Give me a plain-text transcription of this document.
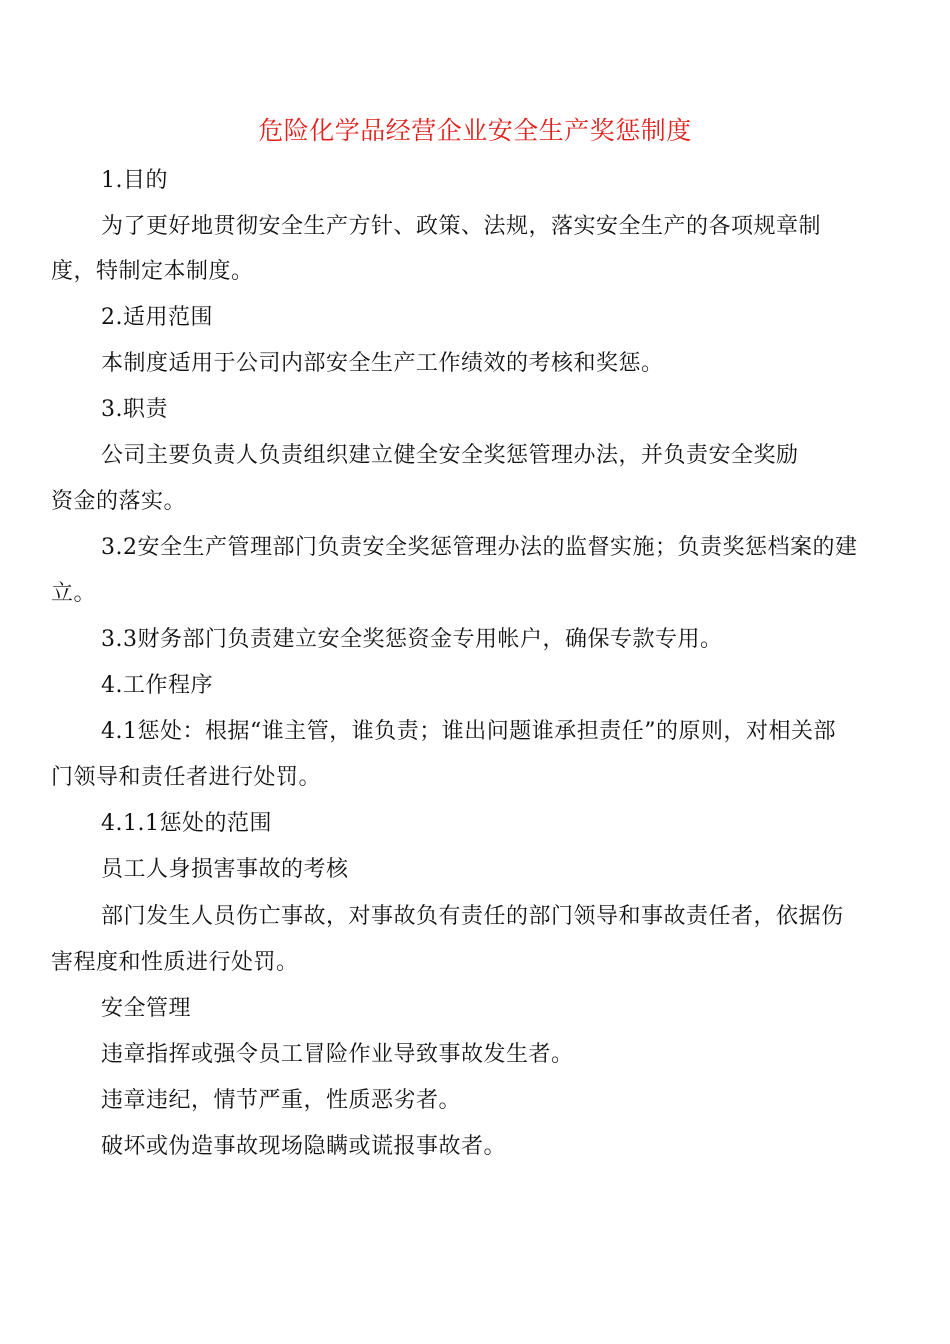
危险化学品经营企业安全生产奖惩制度
1.目的
为了更好地贯彻安全生产方针、政策、法规，落实安全生产的各项规章制
度，特制定本制度。
2.适用范围
本制度适用于公司内部安全生产工作绩效的考核和奖惩。
3.职责
公司主要负责人负责组织建立健全安全奖惩管理办法，并负责安全奖励
资金的落实。
3.2安全生产管理部门负责安全奖惩管理办法的监督实施；负责奖惩档案的建
立。
3.3财务部门负责建立安全奖惩资金专用帐户，确保专款专用。
4.工作程序
4.1惩处：根据“谁主管，谁负责；谁出问题谁承担责任”的原则，对相关部
门领导和责任者进行处罚。
4.1.1惩处的范围
员工人身损害事故的考核
部门发生人员伤亡事故，对事故负有责任的部门领导和事故责任者，依据伤
害程度和性质进行处罚。
安全管理
违章指挥或强令员工冒险作业导致事故发生者。
违章违纪，情节严重，性质恶劣者。
破坏或伪造事故现场隐瞒或谎报事故者。
